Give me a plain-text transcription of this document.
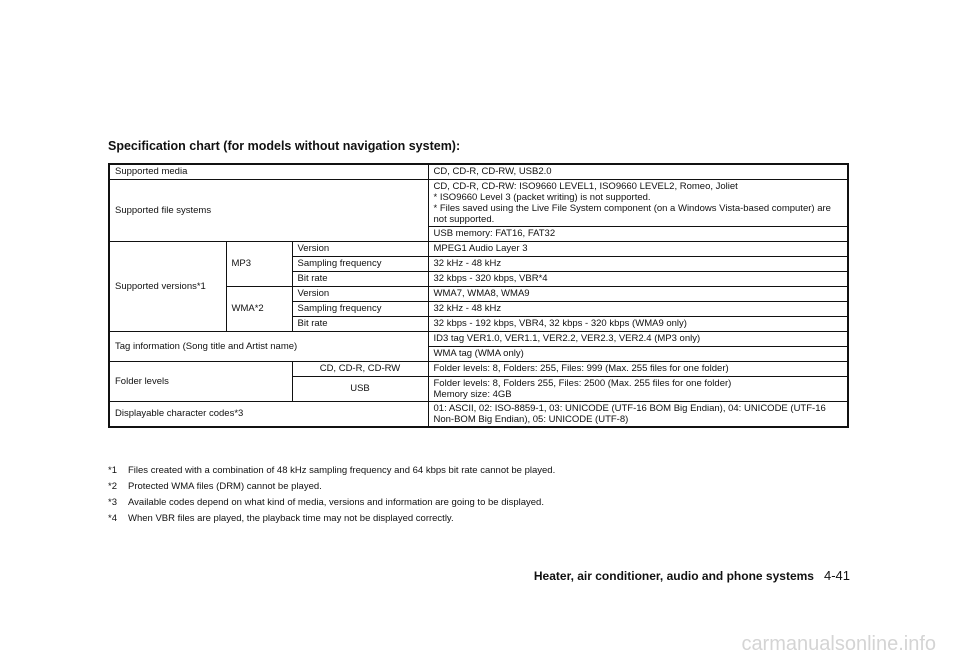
Specification chart (for models without navigation system):
Supported media			CD, CD-R, CD-RW, USB2.0
Supported file systems			CD, CD-R, CD-RW: ISO9660 LEVEL1, ISO9660 LEVEL2, Romeo, Joliet
* ISO9660 Level 3 (packet writing) is not supported.
* Files saved using the Live File System component (on a Windows Vista-based computer) are not supported.

			USB memory: FAT16, FAT32
Supported versions*1	MP3	Version	MPEG1 Audio Layer 3
		Sampling frequency	32 kHz - 48 kHz
		Bit rate	32 kbps - 320 kbps, VBR*4
	WMA*2	Version	WMA7, WMA8, WMA9
		Sampling frequency	32 kHz - 48 kHz
		Bit rate	32 kbps - 192 kbps, VBR4, 32 kbps - 320 kbps (WMA9 only)
Tag information (Song title and Artist name)			ID3 tag VER1.0, VER1.1, VER2.2, VER2.3, VER2.4 (MP3 only)
			WMA tag (WMA only)
Folder levels		CD, CD-R, CD-RW	Folder levels: 8, Folders: 255, Files: 999 (Max. 255 files for one folder)
		USB	Folder levels: 8, Folders 255, Files: 2500 (Max. 255 files for one folder)
Memory size: 4GB

Displayable character codes*3			01: ASCII, 02: ISO-8859-1, 03: UNICODE (UTF-16 BOM Big Endian), 04: UNICODE (UTF-16
Non-BOM Big Endian), 05: UNICODE (UTF-8)
*1 Files created with a combination of 48 kHz sampling frequency and 64 kbps bit rate cannot be played.
*2 Protected WMA files (DRM) cannot be played.
*3 Available codes depend on what kind of media, versions and information are going to be displayed.
*4 When VBR files are played, the playback time may not be displayed correctly.
Heater, air conditioner, audio and phone systems 4-41
carmanualsonline.info
